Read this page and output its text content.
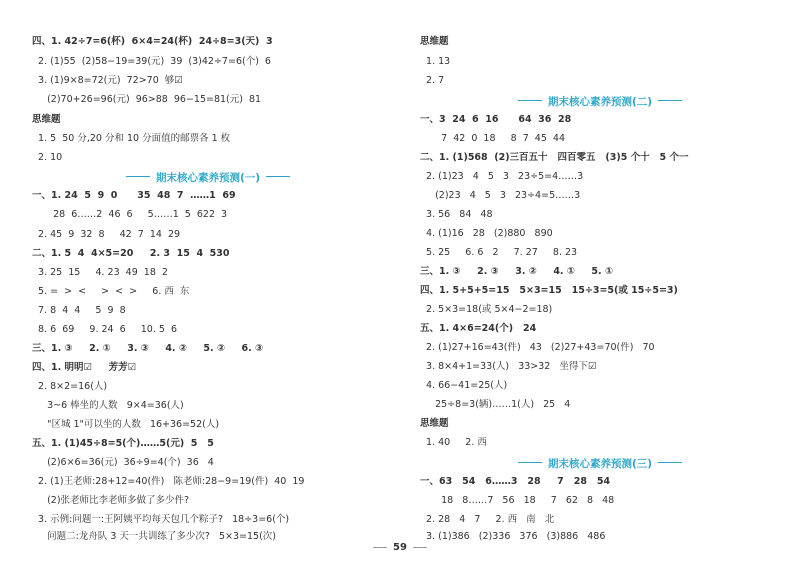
四、1. 42÷7=6(杯)  6×4=24(杯)  24÷8=3(天)  3
2. (1)55  (2)58−19=39(元)  39  (3)42÷7=6(个)  6
3. (1)9×8=72(元)  72>70  够☑
(2)70+26=96(元)  96>88  96−15=81(元)  81
思维题
1. 5  50 分,20 分和 10 分面值的邮票各 1 枚
2. 10
期末核心素养预测(一)
一、1. 24  5  9  0      35  48  7  ……1  69
28  6……2  46  6     5……1  5  622  3
2. 45  9  32  8     42  7  14  29
二、1. 5  4  4×5=20     2. 3  15  4  530
3. 25  15     4. 23  49  18  2
5. =  >  <     >  <  >     6. 西  东
7. 8  4  4     5  9  8
8. 6  69     9. 24  6     10. 5  6
三、1. ③     2. ①     3. ③     4. ②     5. ②     6. ③
四、1. 明明☑     芳芳☑
2. 8×2=16(人)
3~6 棒坐的人数   9×4=36(人)
"区城 1"可以坐的人数   16+36=52(人)
五、1. (1)45÷8=5(个)……5(元)  5   5
(2)6×6=36(元)  36÷9=4(个)  36   4
2. (1)王老师:28+12=40(件)   陈老师:28−9=19(件)  40  19
(2)张老师比李老师多做了多少件?
3. 示例:问题一:王阿姨平均每天包几个粽子?   18÷3=6(个)
问题二:龙舟队 3 天一共训练了多少次?   5×3=15(次)
思维题
1. 13
2. 7
期末核心素养预测(二)
一、3  24  6  16      64  36  28
7  42  0  18     8  7  45  44
二、1. (1)568  (2)三百五十   四百零五   (3)5 个十   5 个一
2. (1)23   4   5   3   23÷5=4……3
(2)23   4   5   3   23÷4=5……3
3. 56   84   48
4. (1)16   28   (2)880   890
5. 25     6. 6   2     7. 27     8. 23
三、1. ③     2. ③     3. ②     4. ①     5. ①
四、1. 5+5+5=15   5×3=15   15÷3=5(或 15÷5=3)
2. 5×3=18(或 5×4−2=18)
五、1. 4×6=24(个)   24
2. (1)27+16=43(件)   43   (2)27+43=70(件)   70
3. 8×4+1=33(人)   33>32   坐得下☑
4. 66−41=25(人)
25÷8=3(辆)……1(人)   25   4
思维题
1. 40     2. 西
期末核心素养预测(三)
一、63   54   6……3   28     7   28   54
18   8……7   56   18     7   62   8   48
2. 28   4   7     2. 西   南   北
3. (1)386   (2)336   376   (3)886   486
59
